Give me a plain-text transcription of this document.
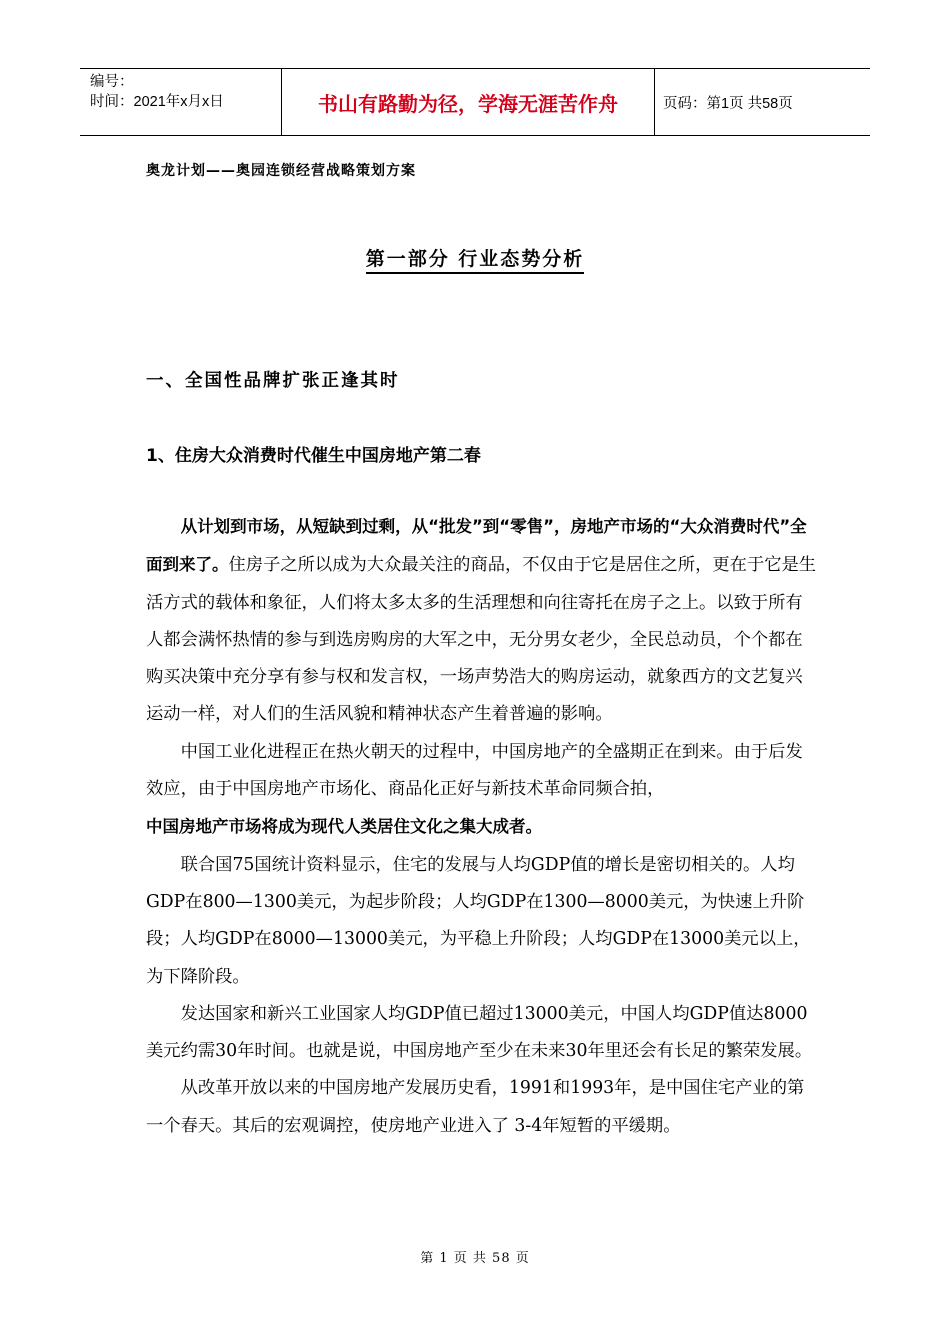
编号：
时间：2021年x月x日	书山有路勤为径，学海无涯苦作舟	页码：第1页 共58页
奥龙计划——奥园连锁经营战略策划方案
第一部分 行业态势分析
一、全国性品牌扩张正逢其时
1、住房大众消费时代催生中国房地产第二春

从计划到市场，从短缺到过剩，从“批发”到“零售”，房地产市场的“大众消费时代”全面到来了。住房子之所以成为大众最关注的商品，不仅由于它是居住之所，更在于它是生活方式的载体和象征，人们将太多太多的生活理想和向往寄托在房子之上。以致于所有人都会满怀热情的参与到选房购房的大军之中，无分男女老少，全民总动员，个个都在购买决策中充分享有参与权和发言权，一场声势浩大的购房运动，就象西方的文艺复兴运动一样，对人们的生活风貌和精神状态产生着普遍的影响。

中国工业化进程正在热火朝天的过程中，中国房地产的全盛期正在到来。由于后发效应，由于中国房地产市场化、商品化正好与新技术革命同频合拍，
中国房地产市场将成为现代人类居住文化之集大成者。

联合国75国统计资料显示，住宅的发展与人均GDP值的增长是密切相关的。人均GDP在800—1300美元，为起步阶段；人均GDP在1300—8000美元，为快速上升阶段；人均GDP在8000—13000美元，为平稳上升阶段；人均GDP在13000美元以上，为下降阶段。

发达国家和新兴工业国家人均GDP值已超过13000美元，中国人均GDP值达8000美元约需30年时间。也就是说，中国房地产至少在未来30年里还会有长足的繁荣发展。

从改革开放以来的中国房地产发展历史看，1991和1993年，是中国住宅产业的第一个春天。其后的宏观调控，使房地产业进入了 3-4年短暂的平缓期。

第 1 页 共 58 页
